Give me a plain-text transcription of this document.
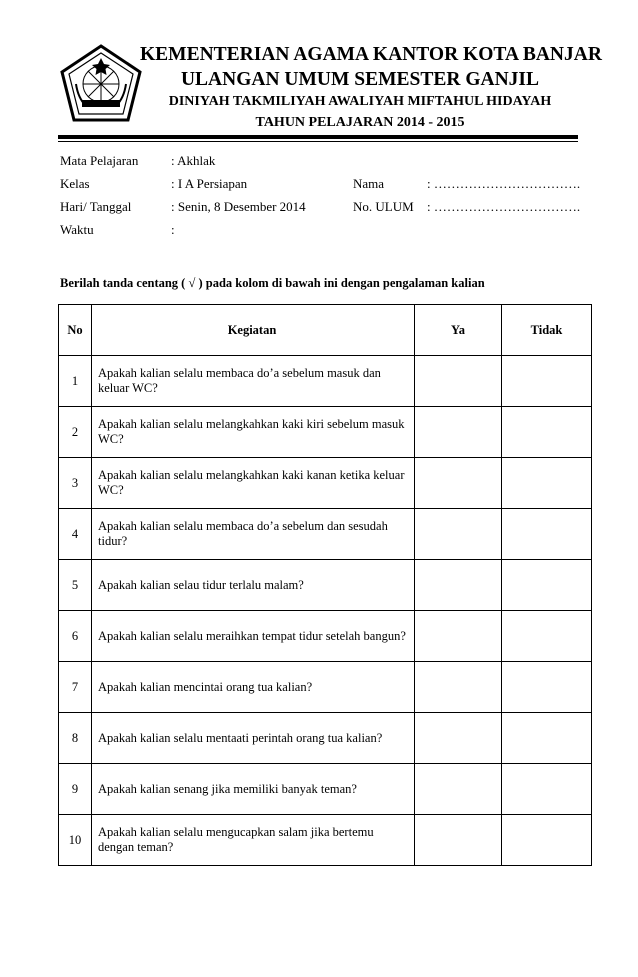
KEMENTERIAN AGAMA KANTOR KOTA BANJAR
ULANGAN UMUM SEMESTER GANJIL
DINIYAH TAKMILIYAH AWALIYAH MIFTAHUL HIDAYAH
TAHUN PELAJARAN 2014 - 2015
Mata Pelajaran	: Akhlak
Kelas	: I A Persiapan	Nama	: …………………………….
Hari/ Tanggal	: Senin, 8 Desember 2014	No. ULUM : …………………………….
Waktu	:
Berilah tanda centang ( √ ) pada kolom di bawah ini dengan pengalaman kalian
No	Kegiatan	Ya	Tidak
1	Apakah kalian selalu membaca do’a sebelum masuk dan keluar WC?		
2	Apakah kalian selalu melangkahkan kaki kiri sebelum masuk WC?		
3	Apakah kalian selalu melangkahkan kaki kanan ketika keluar WC?		
4	Apakah kalian selalu membaca do’a sebelum dan sesudah tidur?		
5	Apakah kalian selau tidur terlalu malam?		
6	Apakah kalian selalu meraihkan tempat tidur setelah bangun?		
7	Apakah kalian mencintai orang tua kalian?		
8	Apakah kalian selalu mentaati perintah orang tua kalian?		
9	Apakah kalian senang jika memiliki banyak teman?		
10	Apakah kalian selalu mengucapkan salam jika bertemu dengan teman?		
